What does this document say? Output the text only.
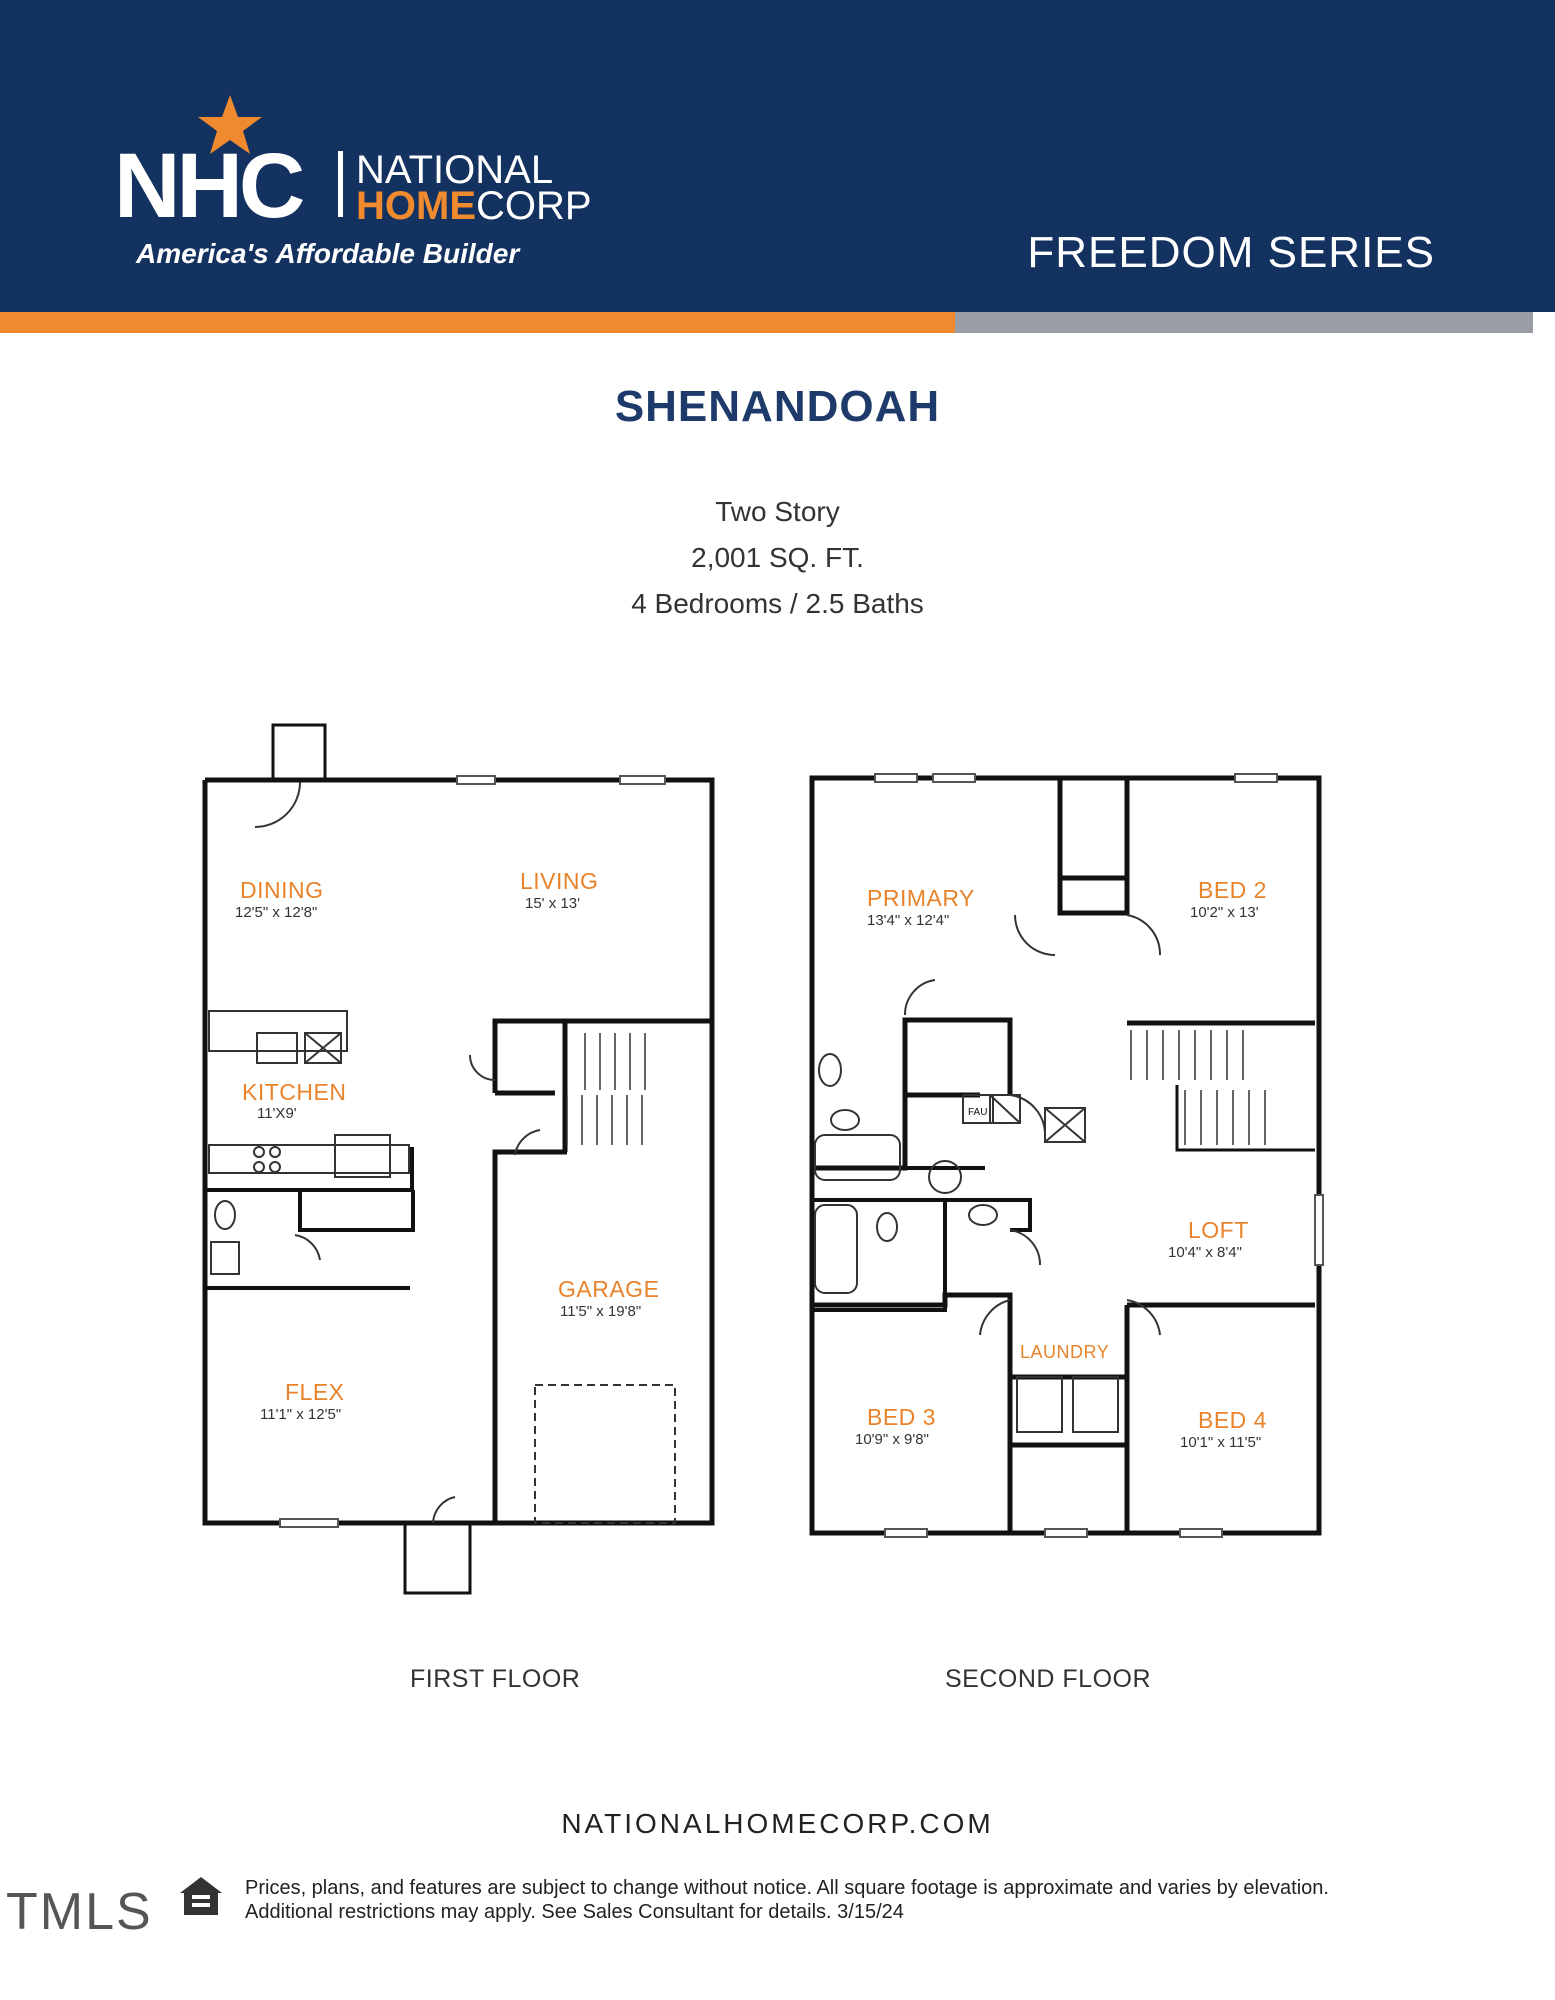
NHC NATIONAL
HOMECORP
America's Affordable Builder	FREEDOM SERIES
SHENANDOAH
Two Story
2,001 SQ. FT.
4 Bedrooms / 2.5 Baths
DINING
12'5" x 12'8"
LIVING
15' x 13'
KITCHEN
11'X9'
GARAGE
11'5" x 19'8"
FLEX
11'1" x 12'5"
FAU
PRIMARY
13'4" x 12'4"
BED 2
10'2" x 13'
LOFT
10'4" x 8'4"
LAUNDRY
BED 3
10'9" x 9'8"
BED 4
10'1" x 11'5"
FIRST FLOOR	SECOND FLOOR
NATIONALHOMECORP.COM
TMLS	Prices, plans, and features are subject to change without notice. All square footage is approximate and varies by elevation.
Additional restrictions may apply. See Sales Consultant for details. 3/15/24
